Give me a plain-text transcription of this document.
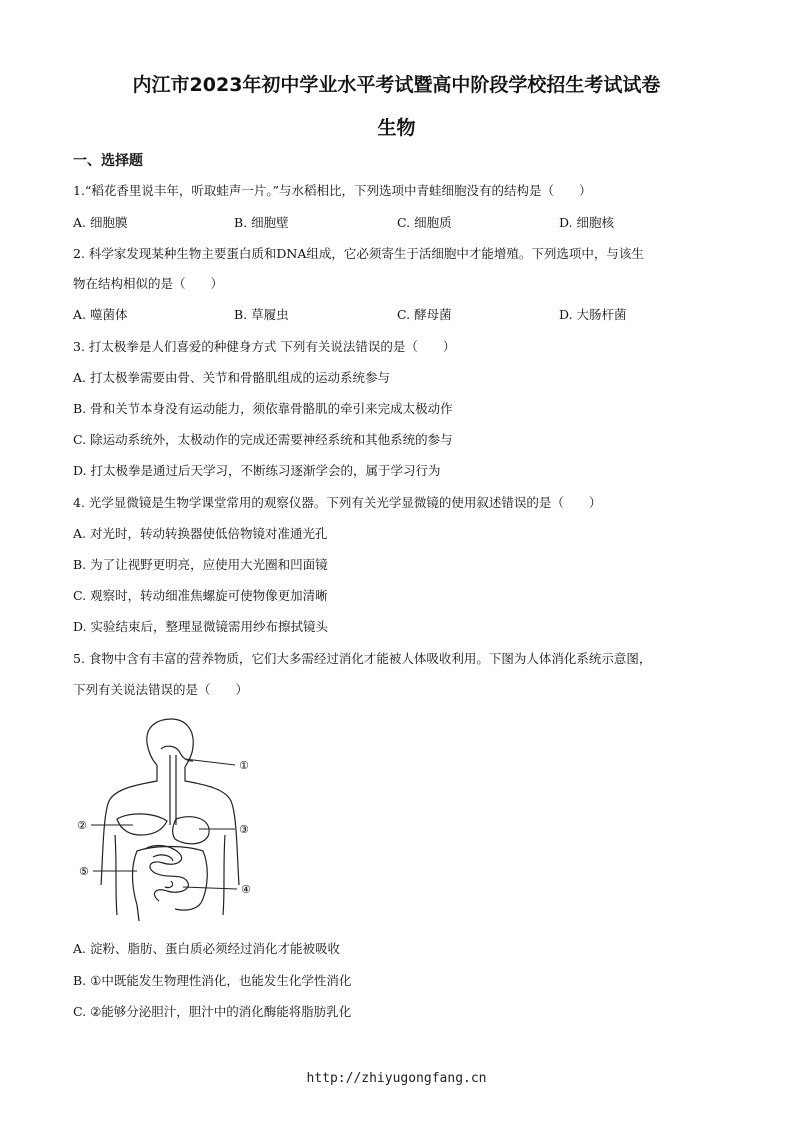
内江市2023年初中学业水平考试暨高中阶段学校招生考试试卷
生物
一、选择题
1.“稻花香里说丰年，听取蛙声一片。”与水稻相比，下列选项中青蛙细胞没有的结构是（　　）
A. 细胞膜	B. 细胞壁	C. 细胞质	D. 细胞核
2. 科学家发现某种生物主要蛋白质和DNA组成，它必须寄生于活细胞中才能增殖。下列选项中，与该生
物在结构相似的是（　　）
A. 噬菌体	B. 草履虫	C. 酵母菌	D. 大肠杆菌
3. 打太极拳是人们喜爱的种健身方式 下列有关说法错误的是（　　）
A. 打太极拳需要由骨、关节和骨骼肌组成的运动系统参与
B. 骨和关节本身没有运动能力，须依靠骨骼肌的牵引来完成太极动作
C. 除运动系统外，太极动作的完成还需要神经系统和其他系统的参与
D. 打太极拳是通过后天学习，不断练习逐渐学会的，属于学习行为
4. 光学显微镜是生物学课堂常用的观察仪器。下列有关光学显微镜的使用叙述错误的是（　　）
A. 对光时，转动转换器使低倍物镜对准通光孔
B. 为了让视野更明亮，应使用大光圈和凹面镜
C. 观察时，转动细准焦螺旋可使物像更加清晰
D. 实验结束后，整理显微镜需用纱布擦拭镜头
5. 食物中含有丰富的营养物质，它们大多需经过消化才能被人体吸收利用。下图为人体消化系统示意图，
下列有关说法错误的是（　　）
①
②	③
④
⑤
A. 淀粉、脂肪、蛋白质必须经过消化才能被吸收
B. ①中既能发生物理性消化，也能发生化学性消化
C. ②能够分泌胆汁，胆汁中的消化酶能将脂肪乳化
http://zhiyugongfang.cn
